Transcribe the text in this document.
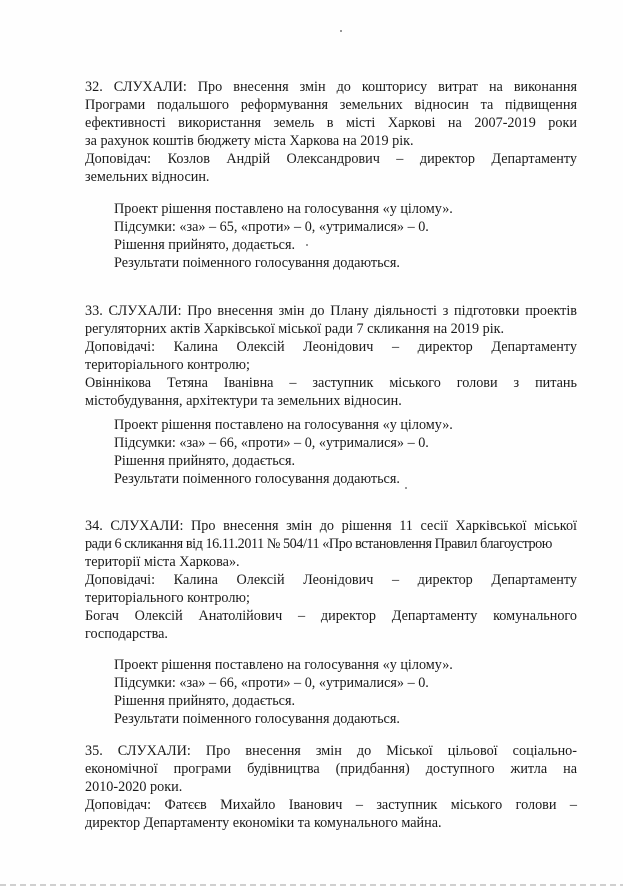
32. СЛУХАЛИ: Про внесення змін до кошторису витрат на виконання
Програми подальшого реформування земельних відносин та підвищення
ефективності використання земель в місті Харкові на 2007-2019 роки
за рахунок коштів бюджету міста Харкова на 2019 рік.
Доповідач: Козлов Андрій Олександрович – директор Департаменту
земельних відносин.
Проект рішення поставлено на голосування «у цілому».
Підсумки: «за» – 65, «проти» – 0, «утрималися» – 0.
Рішення прийнято, додається.
Результати поіменного голосування додаються.
33. СЛУХАЛИ: Про внесення змін до Плану діяльності з підготовки проектів
регуляторних актів Харківської міської ради 7 скликання на 2019 рік.
Доповідачі: Калина Олексій Леонідович – директор Департаменту
територіального контролю;
Овіннікова Тетяна Іванівна – заступник міського голови з питань
містобудування, архітектури та земельних відносин.
Проект рішення поставлено на голосування «у цілому».
Підсумки: «за» – 66, «проти» – 0, «утрималися» – 0.
Рішення прийнято, додається.
Результати поіменного голосування додаються.
34. СЛУХАЛИ: Про внесення змін до рішення 11 сесії Харківської міської
ради 6 скликання від 16.11.2011 № 504/11 «Про встановлення Правил благоустрою
території міста Харкова».
Доповідачі: Калина Олексій Леонідович – директор Департаменту
територіального контролю;
Богач Олексій Анатолійович – директор Департаменту комунального
господарства.
Проект рішення поставлено на голосування «у цілому».
Підсумки: «за» – 66, «проти» – 0, «утрималися» – 0.
Рішення прийнято, додається.
Результати поіменного голосування додаються.
35. СЛУХАЛИ: Про внесення змін до Міської цільової соціально-
економічної програми будівництва (придбання) доступного житла на
2010-2020 роки.
Доповідач: Фатєєв Михайло Іванович – заступник міського голови –
директор Департаменту економіки та комунального майна.
